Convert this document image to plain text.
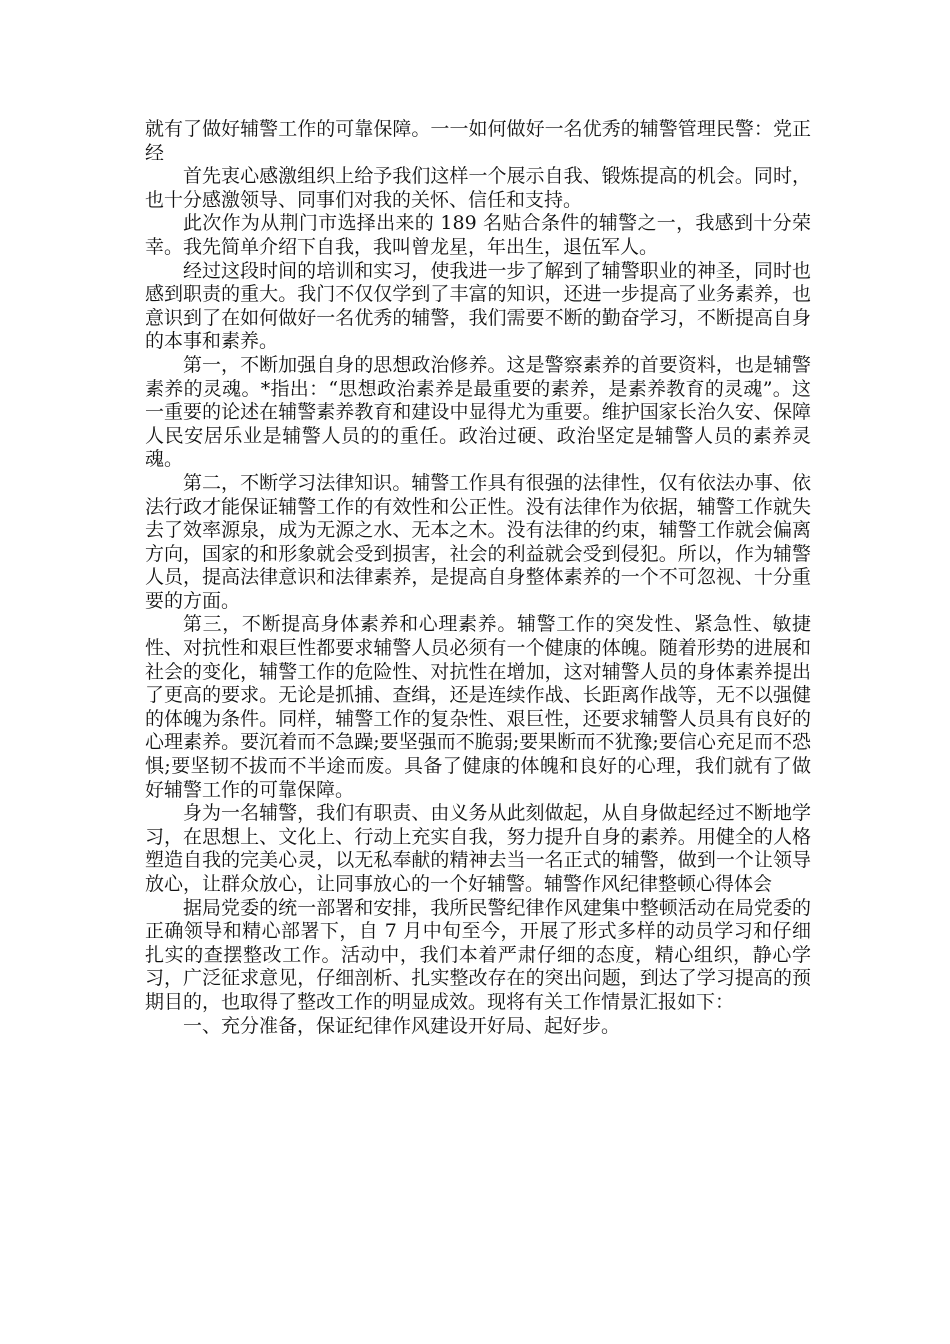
就有了做好辅警工作的可靠保障。一一如何做好一名优秀的辅警管理民警：党正经

首先衷心感激组织上给予我们这样一个展示自我、锻炼提高的机会。同时，也十分感激领导、同事们对我的关怀、信任和支持。

此次作为从荆门市选择出来的 189 名贴合条件的辅警之一，我感到十分荣幸。我先简单介绍下自我，我叫曾龙星，年出生，退伍军人。

经过这段时间的培训和实习，使我进一步了解到了辅警职业的神圣，同时也感到职责的重大。我门不仅仅学到了丰富的知识，还进一步提高了业务素养，也意识到了在如何做好一名优秀的辅警，我们需要不断的勤奋学习，不断提高自身的本事和素养。

第一，不断加强自身的思想政治修养。这是警察素养的首要资料，也是辅警素养的灵魂。*指出：“思想政治素养是最重要的素养，是素养教育的灵魂”。这一重要的论述在辅警素养教育和建设中显得尤为重要。维护国家长治久安、保障人民安居乐业是辅警人员的的重任。政治过硬、政治坚定是辅警人员的素养灵魂。

第二，不断学习法律知识。辅警工作具有很强的法律性，仅有依法办事、依法行政才能保证辅警工作的有效性和公正性。没有法律作为依据，辅警工作就失去了效率源泉，成为无源之水、无本之木。没有法律的约束，辅警工作就会偏离方向，国家的和形象就会受到损害，社会的利益就会受到侵犯。所以，作为辅警人员，提高法律意识和法律素养，是提高自身整体素养的一个不可忽视、十分重要的方面。

第三，不断提高身体素养和心理素养。辅警工作的突发性、紧急性、敏捷性、对抗性和艰巨性都要求辅警人员必须有一个健康的体魄。随着形势的进展和社会的变化，辅警工作的危险性、对抗性在增加，这对辅警人员的身体素养提出了更高的要求。无论是抓捕、查缉，还是连续作战、长距离作战等，无不以强健的体魄为条件。同样，辅警工作的复杂性、艰巨性，还要求辅警人员具有良好的心理素养。要沉着而不急躁;要坚强而不脆弱;要果断而不犹豫;要信心充足而不恐惧;要坚韧不拔而不半途而废。具备了健康的体魄和良好的心理，我们就有了做好辅警工作的可靠保障。

身为一名辅警，我们有职责、由义务从此刻做起，从自身做起经过不断地学习，在思想上、文化上、行动上充实自我，努力提升自身的素养。用健全的人格塑造自我的完美心灵，以无私奉献的精神去当一名正式的辅警，做到一个让领导放心，让群众放心，让同事放心的一个好辅警。辅警作风纪律整顿心得体会

据局党委的统一部署和安排，我所民警纪律作风建集中整顿活动在局党委的正确领导和精心部署下，自 7 月中旬至今，开展了形式多样的动员学习和仔细扎实的查摆整改工作。活动中，我们本着严肃仔细的态度，精心组织，静心学习，广泛征求意见，仔细剖析、扎实整改存在的突出问题，到达了学习提高的预期目的，也取得了整改工作的明显成效。现将有关工作情景汇报如下：

一、充分准备，保证纪律作风建设开好局、起好步。
